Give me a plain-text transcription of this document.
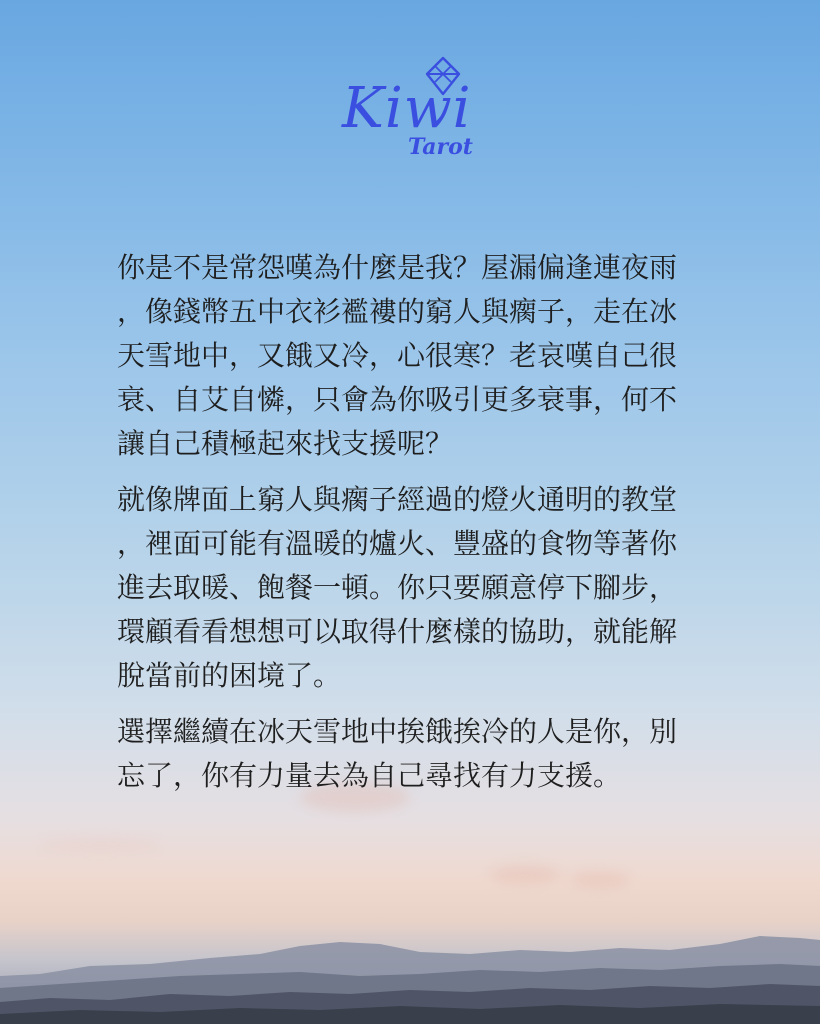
Kiwi
Tarot

你是不是常怨嘆為什麼是我？屋漏偏逢連夜雨

，像錢幣五中衣衫襤褸的窮人與瘸子，走在冰

天雪地中，又餓又冷，心很寒？老哀嘆自己很

衰、自艾自憐，只會為你吸引更多衰事，何不

讓自己積極起來找支援呢？

就像牌面上窮人與瘸子經過的燈火通明的教堂

，裡面可能有溫暖的爐火、豐盛的食物等著你

進去取暖、飽餐一頓。你只要願意停下腳步，

環顧看看想想可以取得什麼樣的協助，就能解

脫當前的困境了。

選擇繼續在冰天雪地中挨餓挨冷的人是你，別

忘了，你有力量去為自己尋找有力支援。
